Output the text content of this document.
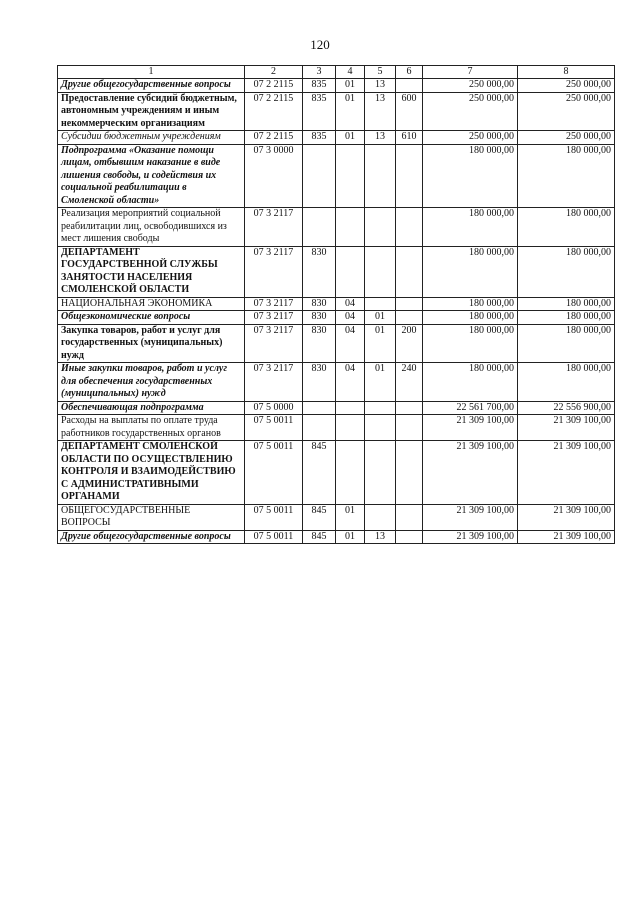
120
1	2	3	4	5	6	7	8
Другие общегосударственные вопросы	07 2 2115	835	01	13		250 000,00	250 000,00
Предоставление субсидий бюджетным, автономным учреждениям и иным некоммерческим организациям	07 2 2115	835	01	13	600	250 000,00	250 000,00
Субсидии бюджетным учреждениям	07 2 2115	835	01	13	610	250 000,00	250 000,00
Подпрограмма «Оказание помощи лицам, отбывшим наказание в виде лишения свободы, и содействия их социальной реабилитации в Смоленской области»	07 3 0000					180 000,00	180 000,00
Реализация мероприятий социальной реабилитации лиц, освободившихся из мест лишения свободы	07 3 2117					180 000,00	180 000,00
ДЕПАРТАМЕНТ ГОСУДАРСТВЕННОЙ СЛУЖБЫ ЗАНЯТОСТИ НАСЕЛЕНИЯ СМОЛЕНСКОЙ ОБЛАСТИ	07 3 2117	830				180 000,00	180 000,00
НАЦИОНАЛЬНАЯ ЭКОНОМИКА	07 3 2117	830	04			180 000,00	180 000,00
Общеэкономические вопросы	07 3 2117	830	04	01		180 000,00	180 000,00
Закупка товаров, работ и услуг для государственных (муниципальных) нужд	07 3 2117	830	04	01	200	180 000,00	180 000,00
Иные закупки товаров, работ и услуг для обеспечения государственных (муниципальных) нужд	07 3 2117	830	04	01	240	180 000,00	180 000,00
Обеспечивающая подпрограмма	07 5 0000					22 561 700,00	22 556 900,00
Расходы на выплаты по оплате труда работников государственных органов	07 5 0011					21 309 100,00	21 309 100,00
ДЕПАРТАМЕНТ СМОЛЕНСКОЙ ОБЛАСТИ ПО ОСУЩЕСТВЛЕНИЮ КОНТРОЛЯ И ВЗАИМОДЕЙСТВИЮ С АДМИНИСТРАТИВНЫМИ ОРГАНАМИ	07 5 0011	845				21 309 100,00	21 309 100,00
ОБЩЕГОСУДАРСТВЕННЫЕ ВОПРОСЫ	07 5 0011	845	01			21 309 100,00	21 309 100,00
Другие общегосударственные вопросы	07 5 0011	845	01	13		21 309 100,00	21 309 100,00
